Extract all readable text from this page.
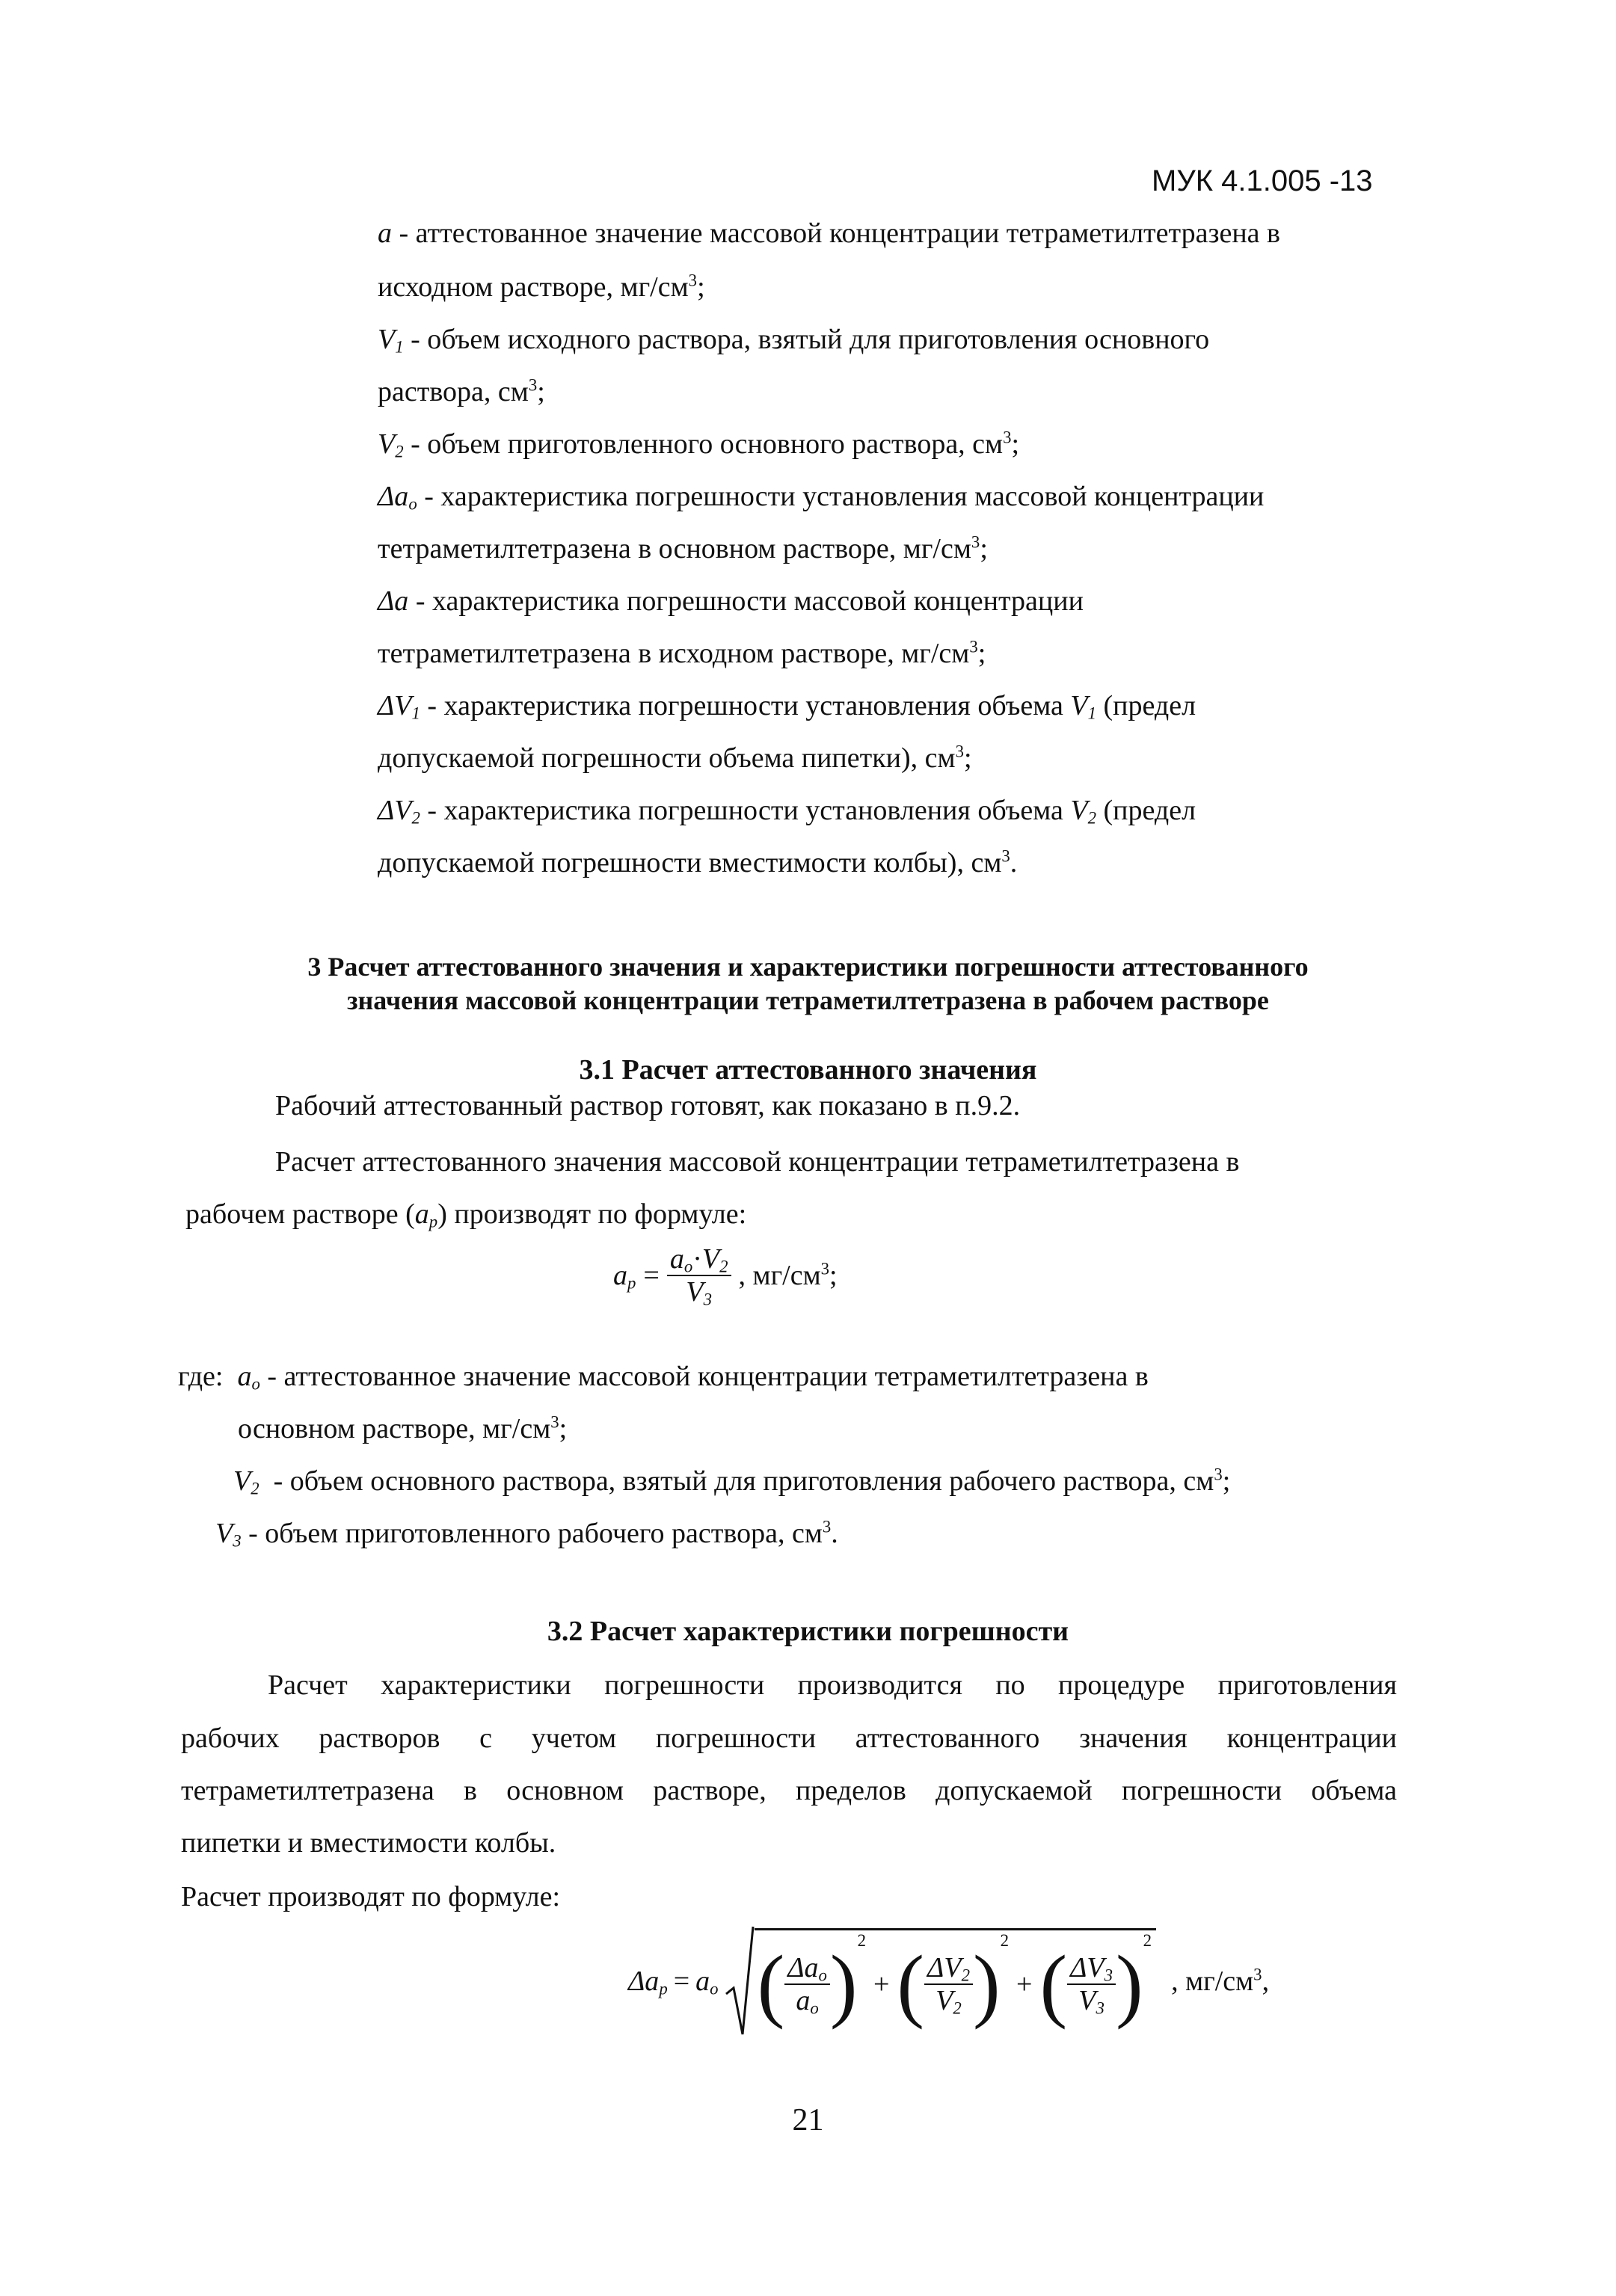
МУК 4.1.005 -13
a - аттестованное значение массовой концентрации тетраметилтетразена в
исходном растворе, $мг/см^3$;
$V_1$ - объем исходного раствора, взятый для приготовления основного
раствора, $см^3$;
$V_2$ - объем приготовленного основного раствора, $см^3$;
$\Delta a_o$ - характеристика погрешности установления массовой концентрации
тетраметилтетразена в основном растворе, $мг/см^3$;
Δa - характеристика погрешности массовой концентрации
тетраметилтетразена в исходном растворе, $мг/см^3$;
$\Delta V_1$ - характеристика погрешности установления объема $V_1$ (предел
допускаемой погрешности объема пипетки), $см^3$;
$\Delta V_2$ - характеристика погрешности установления объема $V_2$ (предел
допускаемой погрешности вместимости колбы), $см^3$.
3 Расчет аттестованного значения и характеристики погрешности аттестованного
значения массовой концентрации тетраметилтетразена в рабочем растворе
3.1 Расчет аттестованного значения
Рабочий аттестованный раствор готовят, как показано в п.9.2.
Расчет аттестованного значения массовой концентрации тетраметилтетразена в
рабочем растворе $(a_p)$ производят по формуле:
$a_p = \frac{a_o\cdot V_2}{V_3}$ , $мг/см^3$;
где: $a_o$ - аттестованное значение массовой концентрации тетраметилтетразена в
основном растворе, $мг/см^3$;
$V_2$  - объем основного раствора, взятый для приготовления рабочего раствора, $см^3$;
$V_3$ - объем приготовленного рабочего раствора, $см^3$.
3.2 Расчет характеристики погрешности
Расчет характеристики погрешности производится по процедуре приготовления
рабочих растворов с учетом погрешности аттестованного значения концентрации
тетраметилтетразена в основном растворе, пределов допускаемой погрешности объема
пипетки и вместимости колбы.
Расчет производят по формуле:
$\Delta a_p = a_o$ ( $\frac{\Delta a_o}{a_o}$ ) 2
+ ( $\frac{\Delta V_2}{V_2}$ ) 2
+ ( $\frac{\Delta V_3}{V_3}$ ) 2
, $мг/см^3$,
21
